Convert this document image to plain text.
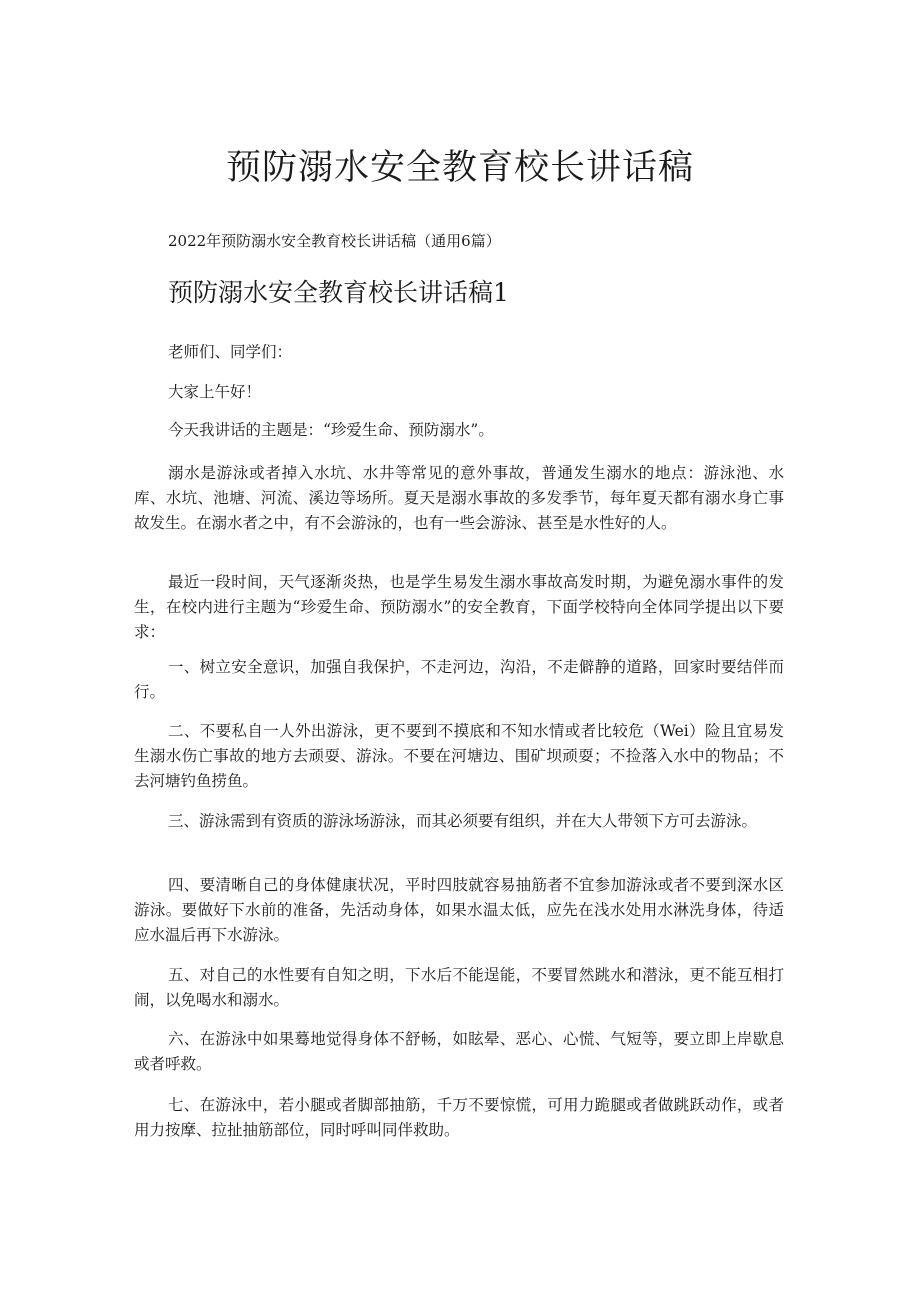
预防溺水安全教育校长讲话稿

2022年预防溺水安全教育校长讲话稿（通用6篇）

预防溺水安全教育校长讲话稿1

老师们、同学们：

大家上午好！

今天我讲话的主题是：“珍爱生命、预防溺水”。

溺水是游泳或者掉入水坑、水井等常见的意外事故，普通发生溺水的地点：游泳池、水库、水坑、池塘、河流、溪边等场所。夏天是溺水事故的多发季节，每年夏天都有溺水身亡事故发生。在溺水者之中，有不会游泳的，也有一些会游泳、甚至是水性好的人。

最近一段时间，天气逐渐炎热，也是学生易发生溺水事故高发时期，为避免溺水事件的发生，在校内进行主题为“珍爱生命、预防溺水”的安全教育，下面学校特向全体同学提出以下要求：

一、树立安全意识，加强自我保护，不走河边，沟沿，不走僻静的道路，回家时要结伴而行。

二、不要私自一人外出游泳，更不要到不摸底和不知水情或者比较危（Wei）险且宜易发生溺水伤亡事故的地方去顽耍、游泳。不要在河塘边、围矿坝顽耍；不捡落入水中的物品；不去河塘钓鱼捞鱼。

三、游泳需到有资质的游泳场游泳，而其必须要有组织，并在大人带领下方可去游泳。

四、要清晰自己的身体健康状况，平时四肢就容易抽筋者不宜参加游泳或者不要到深水区游泳。要做好下水前的准备，先活动身体，如果水温太低，应先在浅水处用水淋洗身体，待适应水温后再下水游泳。

五、对自己的水性要有自知之明，下水后不能逞能，不要冒然跳水和潜泳，更不能互相打闹，以免喝水和溺水。

六、在游泳中如果蓦地觉得身体不舒畅，如眩晕、恶心、心慌、气短等，要立即上岸歇息或者呼救。

七、在游泳中，若小腿或者脚部抽筋，千万不要惊慌，可用力跪腿或者做跳跃动作，或者用力按摩、拉扯抽筋部位，同时呼叫同伴救助。
